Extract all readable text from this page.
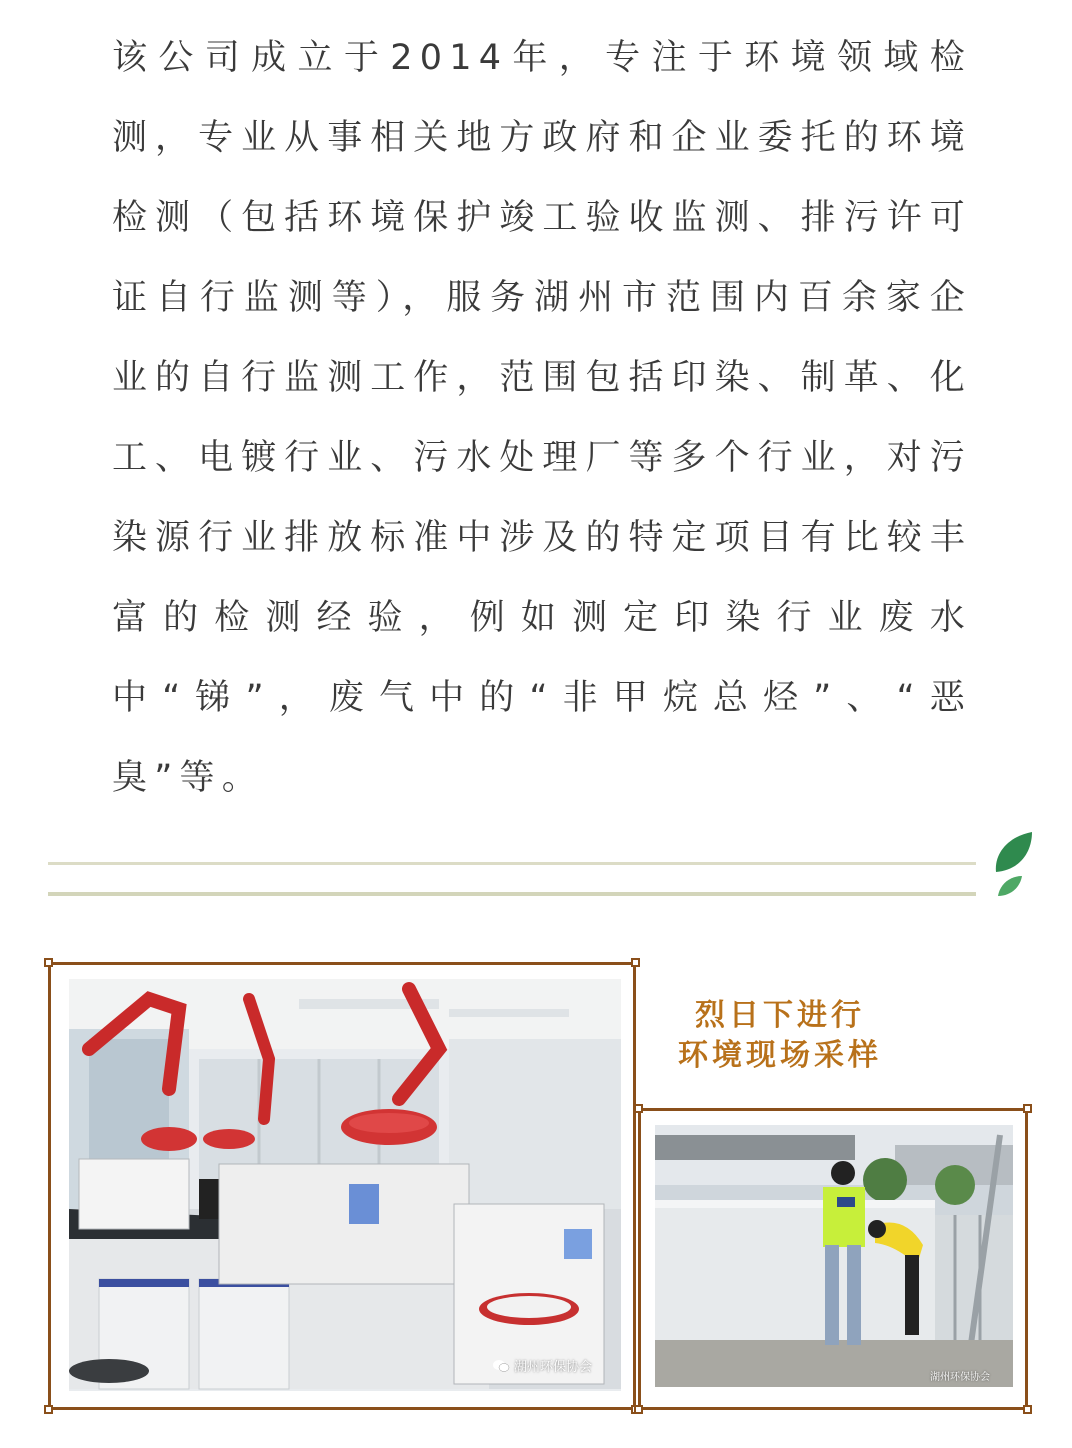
该公司成立于2014年，专注于环境领域检测，专业从事相关地方政府和企业委托的环境检测（包括环境保护竣工验收监测、排污许可证自行监测等），服务湖州市范围内百余家企业的自行监测工作，范围包括印染、制革、化工、电镀行业、污水处理厂等多个行业，对污染源行业排放标准中涉及的特定项目有比较丰富的检测经验，例如测定印染行业废水中“锑”，废气中的“非甲烷总烃”、“恶臭”等。

湖州环保协会

烈日下进行
环境现场采样

湖州环保协会
